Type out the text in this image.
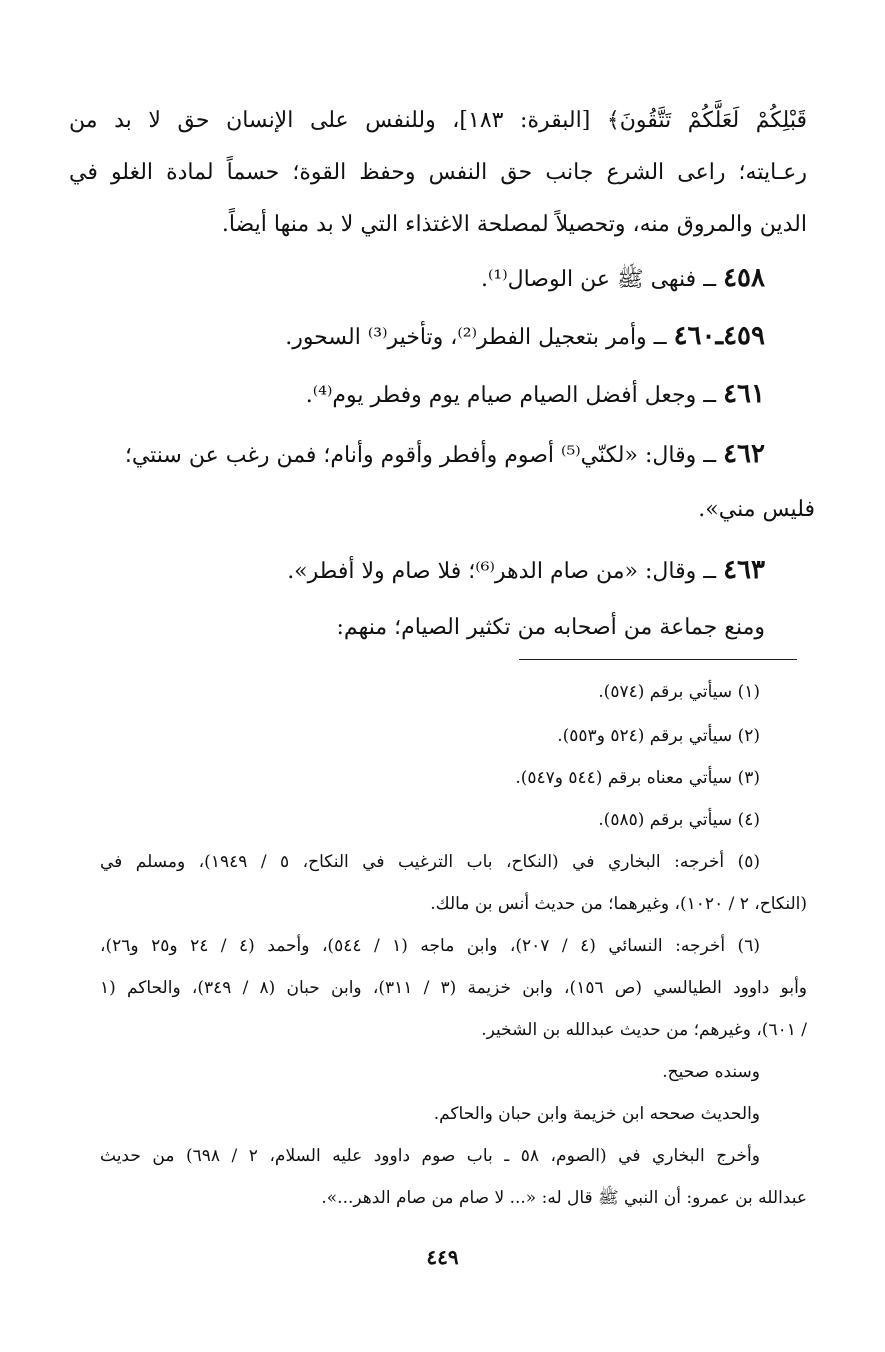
قَبْلِكُمْ لَعَلَّكُمْ تَتَّقُونَ﴾ [البقرة: ١٨٣]، وللنفس على الإنسان حق لا بد من
رعـايته؛ راعى الشرع جانب حق النفس وحفظ القوة؛ حسماً لمادة الغلو في
الدين والمروق منه، وتحصيلاً لمصلحة الاغتذاء التي لا بد منها أيضاً.
٤٥٨ ــ فنهى ﷺ عن الوصال⁽¹⁾.
٤٥٩ـ٤٦٠ ــ وأمر بتعجيل الفطر⁽²⁾، وتأخير⁽³⁾ السحور.
٤٦١ ــ وجعل أفضل الصيام صيام يوم وفطر يوم⁽⁴⁾.
٤٦٢ ــ وقال: «لكنّي⁽⁵⁾ أصوم وأفطر وأقوم وأنام؛ فمن رغب عن سنتي؛
فليس مني».
٤٦٣ ــ وقال: «من صام الدهر⁽⁶⁾؛ فلا صام ولا أفطر».
ومنع جماعة من أصحابه من تكثير الصيام؛ منهم:
(١) سيأتي برقم (٥٧٤).
(٢) سيأتي برقم (٥٢٤ و٥٥٣).
(٣) سيأتي معناه برقم (٥٤٤ و٥٤٧).
(٤) سيأتي برقم (٥٨٥).
(٥) أخرجه: البخاري في (النكاح، باب الترغيب في النكاح، ٥ / ١٩٤٩)، ومسلم في
(النكاح، ٢ / ١٠٢٠)، وغيرهما؛ من حديث أنس بن مالك.
(٦) أخرجه: النسائي (٤ / ٢٠٧)، وابن ماجه (١ / ٥٤٤)، وأحمد (٤ / ٢٤ و٢٥ و٢٦)،
وأبو داوود الطيالسي (ص ١٥٦)، وابن خزيمة (٣ / ٣١١)، وابن حبان (٨ / ٣٤٩)، والحاكم (١
/ ٦٠١)، وغيرهم؛ من حديث عبدالله بن الشخير.
وسنده صحيح.
والحديث صححه ابن خزيمة وابن حبان والحاكم.
وأخرج البخاري في (الصوم، ٥٨ ـ باب صوم داوود عليه السلام، ٢ / ٦٩٨) من حديث
عبدالله بن عمرو: أن النبي ﷺ قال له: «... لا صام من صام الدهر...».
٤٤٩
